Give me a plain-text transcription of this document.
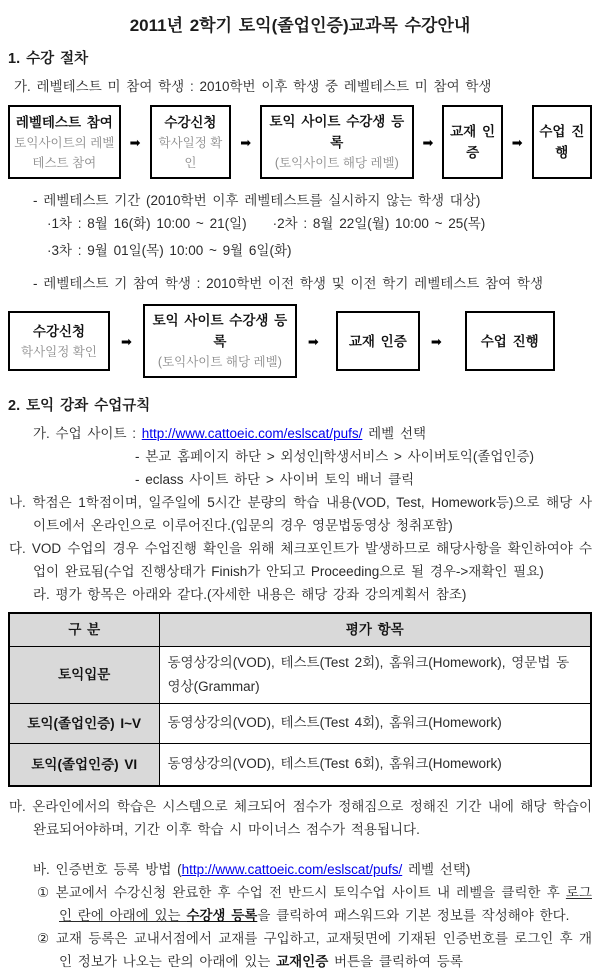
2011년 2학기 토익(졸업인증)교과목 수강안내
1. 수강 절차
가. 레벨테스트 미 참여 학생 : 2010학번 이후 학생 중 레벨테스트 미 참여 학생
레벨테스트 참여
토익사이트의 레벨테스트 참여
➡
수강신청
학사일정 확인
➡
토익 사이트 수강생 등록
(토익사이트 해당 레벨)
➡
교재 인증
➡
수업 진행
- 레벨테스트 기간 (2010학번 이후 레벨테스트를 실시하지 않는 학생 대상)
·1차 : 8월 16(화) 10:00 ~ 21(일) ·2차 : 8월 22일(월) 10:00 ~ 25(목)
·3차 : 9월 01일(목) 10:00 ~ 9월 6일(화)
- 레벨테스트 기 참여 학생 : 2010학번 이전 학생 및 이전 학기 레벨테스트 참여 학생
수강신청
학사일정 확인
➡
토익 사이트 수강생 등록
(토익사이트 해당 레벨)
➡	교재 인증	➡	수업 진행
2. 토익 강좌 수업규칙
가. 수업 사이트 : http://www.cattoeic.com/eslscat/pufs/ 레벨 선택
- 본교 홈페이지 하단 > 외성인|학생서비스 > 사이버토익(졸업인증)
- eclass 사이트 하단 > 사이버 토익 배너 클릭
나. 학점은 1학점이며, 일주일에 5시간 분량의 학습 내용(VOD, Test, Homework등)으로 해당 사이트에서 온라인으로 이루어진다.(입문의 경우 영문법동영상 청취포함)
다. VOD 수업의 경우 수업진행 확인을 위해 체크포인트가 발생하므로 해당사항을 확인하여야 수업이 완료됨(수업 진행상태가 Finish가 안되고 Proceeding으로 될 경우->재확인 필요)
라. 평가 항목은 아래와 같다.(자세한 내용은 해당 강좌 강의계획서 참조)
구 분	평가 항목
토익입문	동영상강의(VOD), 테스트(Test 2회), 홈워크(Homework), 영문법 동영상(Grammar)
토익(졸업인증) I~V	동영상강의(VOD), 테스트(Test 4회), 홈워크(Homework)
토익(졸업인증) VI	동영상강의(VOD), 테스트(Test 6회), 홈워크(Homework)
마. 온라인에서의 학습은 시스템으로 체크되어 점수가 정해짐으로 정해진 기간 내에 해당 학습이 완료되어야하며, 기간 이후 학습 시 마이너스 점수가 적용됩니다.
바. 인증번호 등록 방법 (http://www.cattoeic.com/eslscat/pufs/ 레벨 선택)
① 본교에서 수강신청 완료한 후 수업 전 반드시 토익수업 사이트 내 레벨을 클릭한 후 로그인 란에 아래에 있는 수강생 등록을 클릭하여 패스워드와 기본 정보를 작성해야 한다.
② 교재 등록은 교내서점에서 교재를 구입하고, 교재뒷면에 기재된 인증번호를 로그인 후 개인 정보가 나오는 란의 아래에 있는 교재인증 버튼을 클릭하여 등록
